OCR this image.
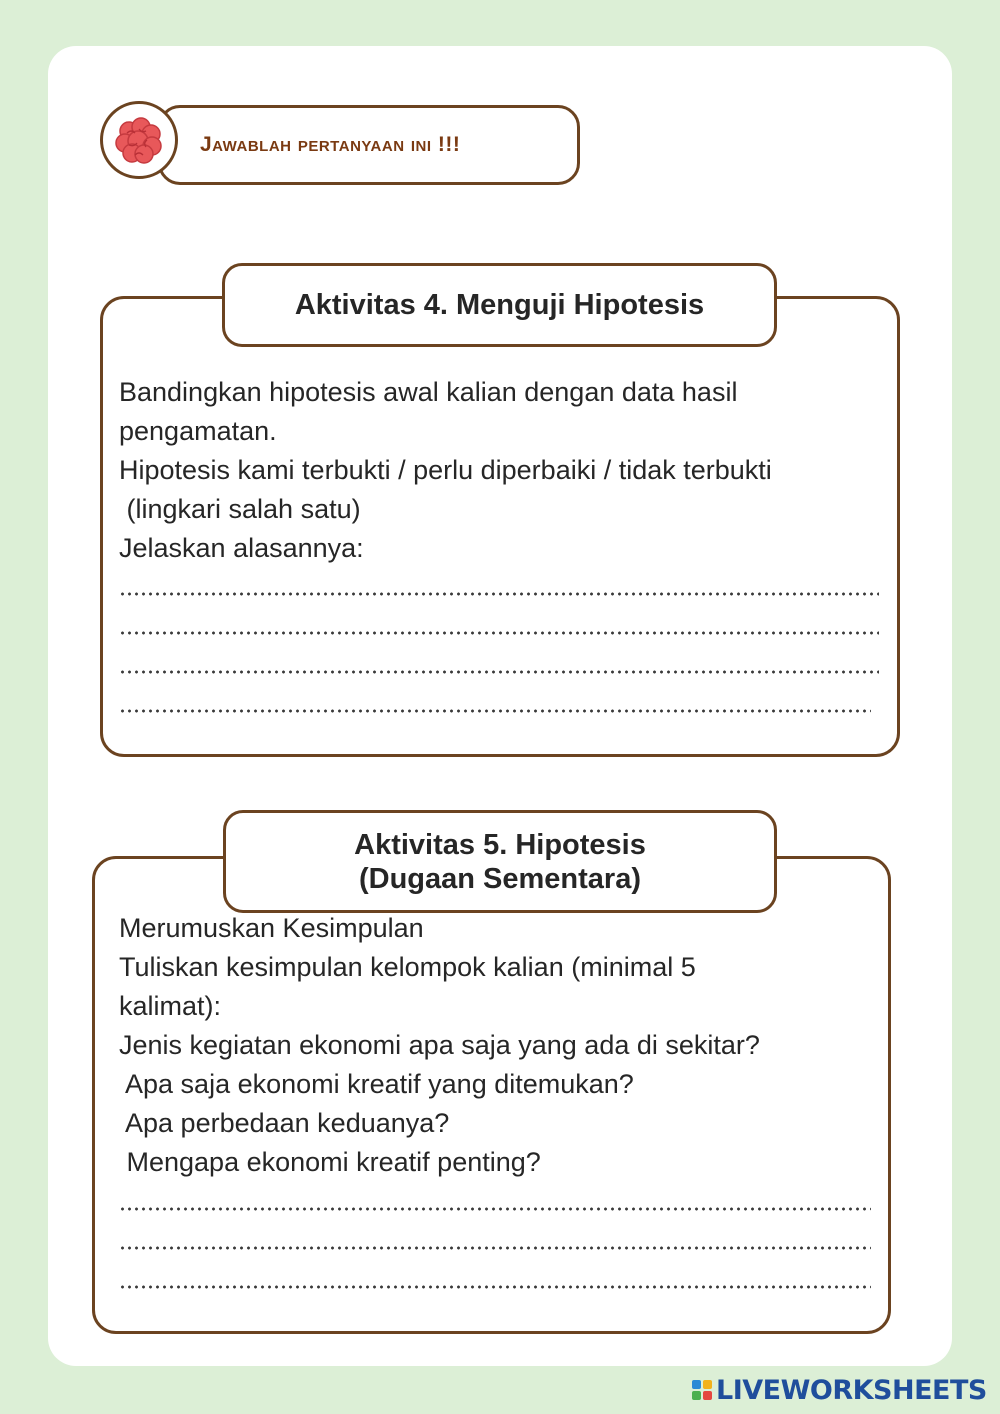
Jawablah pertanyaan ini !!!
Aktivitas 4. Menguji Hipotesis
Bandingkan hipotesis awal kalian dengan data hasil
pengamatan.
Hipotesis kami terbukti / perlu diperbaiki / tidak terbukti
(lingkari salah satu)
Jelaskan alasannya:
Aktivitas 5. Hipotesis
(Dugaan Sementara)
Merumuskan Kesimpulan
Tuliskan kesimpulan kelompok kalian (minimal 5
kalimat):
Jenis kegiatan ekonomi apa saja yang ada di sekitar?
Apa saja ekonomi kreatif yang ditemukan?
Apa perbedaan keduanya?
Mengapa ekonomi kreatif penting?
LIVEWORKSHEETS
